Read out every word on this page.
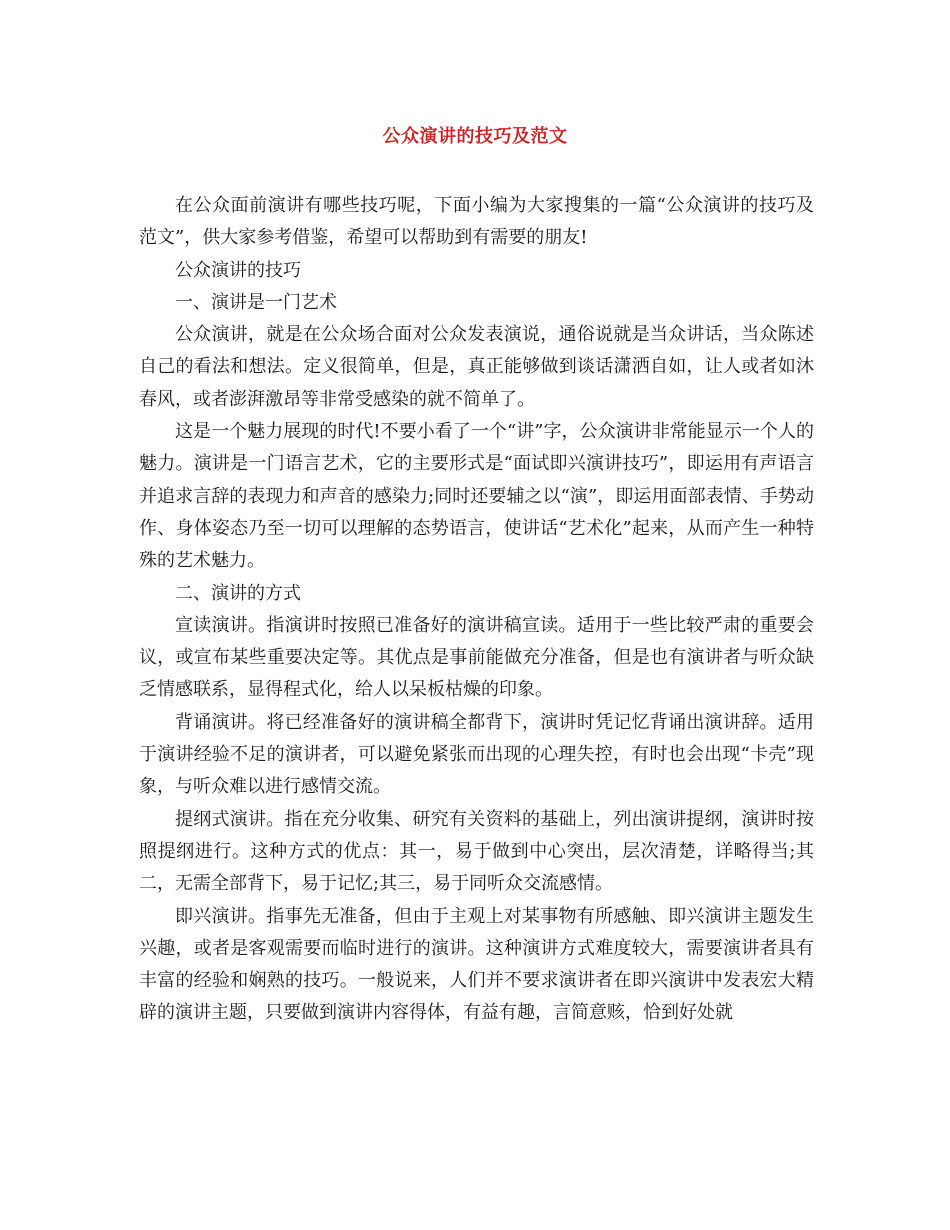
公众演讲的技巧及范文

在公众面前演讲有哪些技巧呢，下面小编为大家搜集的一篇“公众演讲的技巧及范文”，供大家参考借鉴，希望可以帮助到有需要的朋友!

公众演讲的技巧

一、演讲是一门艺术

公众演讲，就是在公众场合面对公众发表演说，通俗说就是当众讲话，当众陈述自己的看法和想法。定义很简单，但是，真正能够做到谈话潇洒自如，让人或者如沐春风，或者澎湃激昂等非常受感染的就不简单了。

这是一个魅力展现的时代!不要小看了一个“讲”字，公众演讲非常能显示一个人的魅力。演讲是一门语言艺术，它的主要形式是“面试即兴演讲技巧”，即运用有声语言并追求言辞的表现力和声音的感染力;同时还要辅之以“演”，即运用面部表情、手势动作、身体姿态乃至一切可以理解的态势语言，使讲话“艺术化”起来，从而产生一种特殊的艺术魅力。

二、演讲的方式

宣读演讲。指演讲时按照已准备好的演讲稿宣读。适用于一些比较严肃的重要会议，或宣布某些重要决定等。其优点是事前能做充分准备，但是也有演讲者与听众缺乏情感联系，显得程式化，给人以呆板枯燥的印象。

背诵演讲。将已经准备好的演讲稿全都背下，演讲时凭记忆背诵出演讲辞。适用于演讲经验不足的演讲者，可以避免紧张而出现的心理失控，有时也会出现“卡壳”现象，与听众难以进行感情交流。

提纲式演讲。指在充分收集、研究有关资料的基础上，列出演讲提纲，演讲时按照提纲进行。这种方式的优点：其一，易于做到中心突出，层次清楚，详略得当;其二，无需全部背下，易于记忆;其三，易于同听众交流感情。

即兴演讲。指事先无准备，但由于主观上对某事物有所感触、即兴演讲主题发生兴趣，或者是客观需要而临时进行的演讲。这种演讲方式难度较大，需要演讲者具有丰富的经验和娴熟的技巧。一般说来，人们并不要求演讲者在即兴演讲中发表宏大精辟的演讲主题，只要做到演讲内容得体，有益有趣，言简意赅，恰到好处就
